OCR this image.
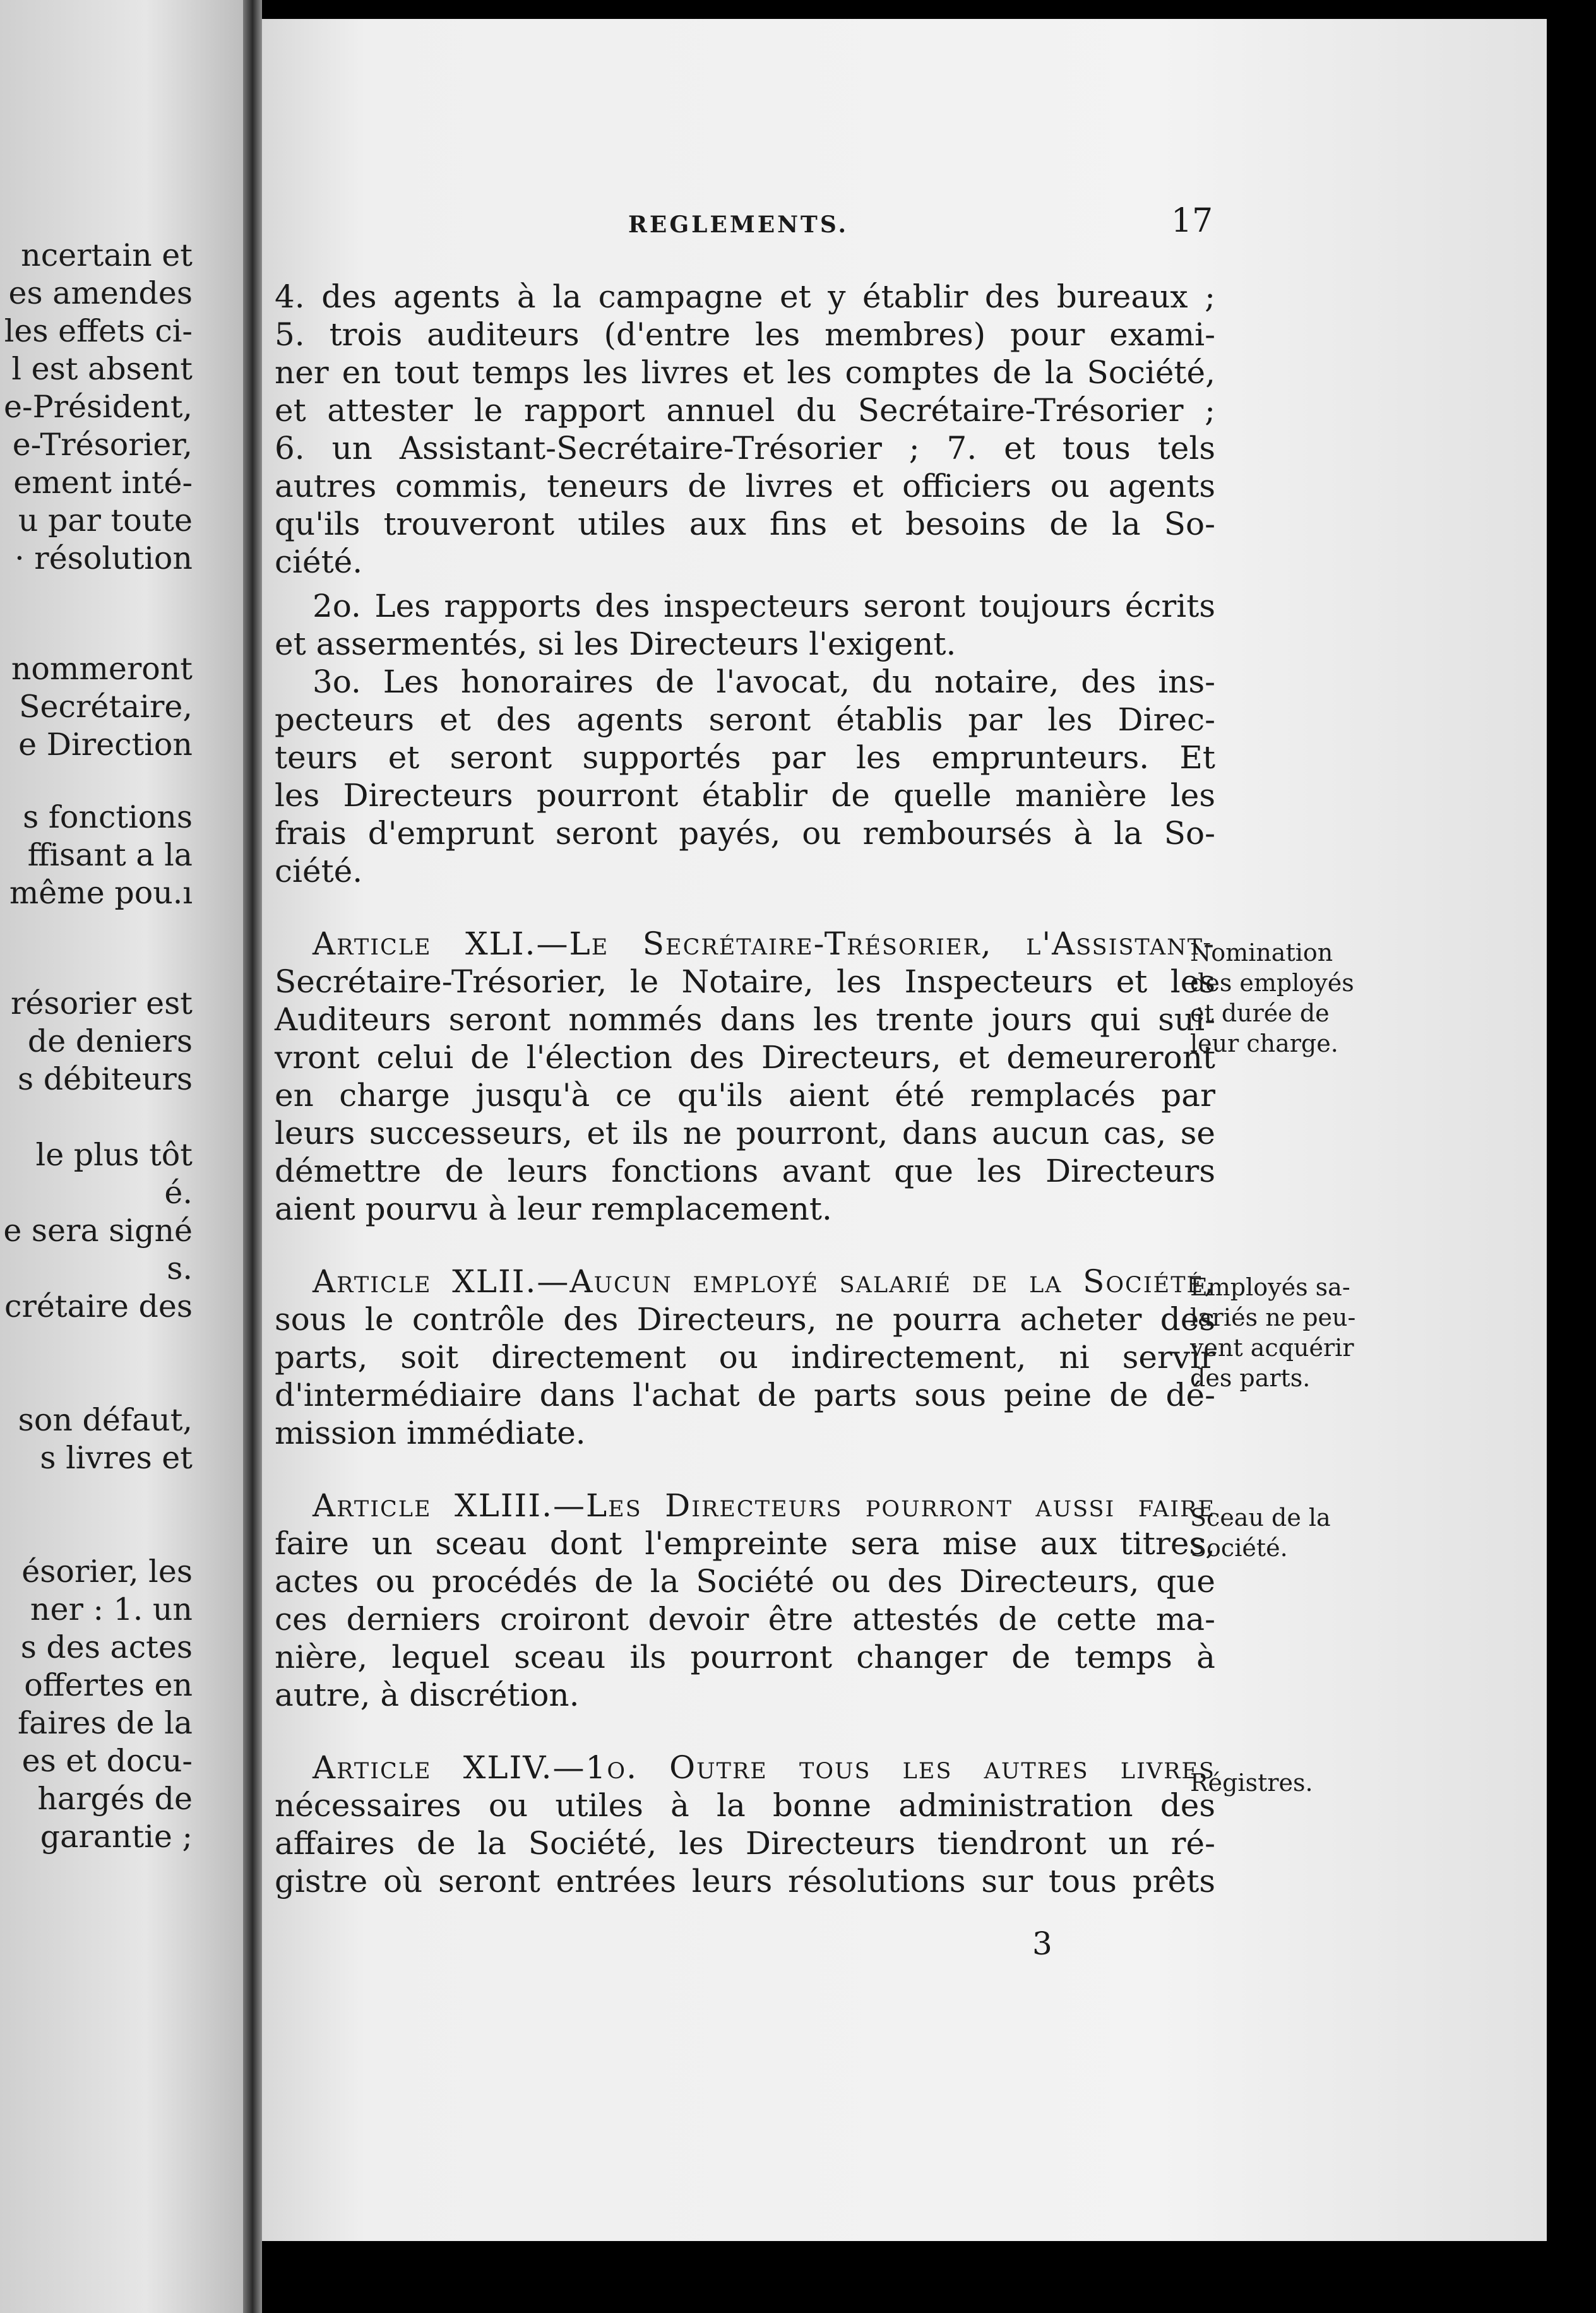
ncertain et
es amendes
les effets ci-
l est absent
e-Président,
e-Trésorier,
ement inté-
u par toute
· résolution
nommeront
Secrétaire,
e Direction
s fonctions
ffisant a la
même pou.ı
résorier est
de deniers
s débiteurs
le plus tôt
é.
e sera signé
s.
crétaire des
son défaut,
s livres et
ésorier, les
ner : 1. un
s des actes
offertes en
faires de la
es et docu-
hargés de
garantie ;
REGLEMENTS.	17
4. des agents à la campagne et y établir des bureaux ;
5. trois auditeurs (d'entre les membres) pour exami-
ner en tout temps les livres et les comptes de la Société,
et attester le rapport annuel du Secrétaire-Trésorier ;
6. un Assistant-Secrétaire-Trésorier ; 7. et tous tels
autres commis, teneurs de livres et officiers ou agents
qu'ils trouveront utiles aux fins et besoins de la So-
ciété.
2o. Les rapports des inspecteurs seront toujours écrits
et assermentés, si les Directeurs l'exigent.
3o. Les honoraires de l'avocat, du notaire, des ins-
pecteurs et des agents seront établis par les Direc-
teurs et seront supportés par les emprunteurs. Et
les Directeurs pourront établir de quelle manière les
frais d'emprunt seront payés, ou remboursés à la So-
ciété.
Article XLI.—Le Secrétaire-Trésorier, l'Assistant-
Secrétaire-Trésorier, le Notaire, les Inspecteurs et les
Auditeurs seront nommés dans les trente jours qui sui-
vront celui de l'élection des Directeurs, et demeureront
en charge jusqu'à ce qu'ils aient été remplacés par
leurs successeurs, et ils ne pourront, dans aucun cas, se
démettre de leurs fonctions avant que les Directeurs
aient pourvu à leur remplacement.
Article XLII.—Aucun employé salarié de la Société,
sous le contrôle des Directeurs, ne pourra acheter des
parts, soit directement ou indirectement, ni servir
d'intermédiaire dans l'achat de parts sous peine de dé-
mission immédiate.
Article XLIII.—Les Directeurs pourront aussi faire
faire un sceau dont l'empreinte sera mise aux titres,
actes ou procédés de la Société ou des Directeurs, que
ces derniers croiront devoir être attestés de cette ma-
nière, lequel sceau ils pourront changer de temps à
autre, à discrétion.
Article XLIV.—1o. Outre tous les autres livres
nécessaires ou utiles à la bonne administration des
affaires de la Société, les Directeurs tiendront un ré-
gistre où seront entrées leurs résolutions sur tous prêts
Nomination
des employés
et durée de
leur charge.
Employés sa-
lariés ne peu-
vent acquérir
des parts.
Sceau de la
Société.
Régistres.
3
